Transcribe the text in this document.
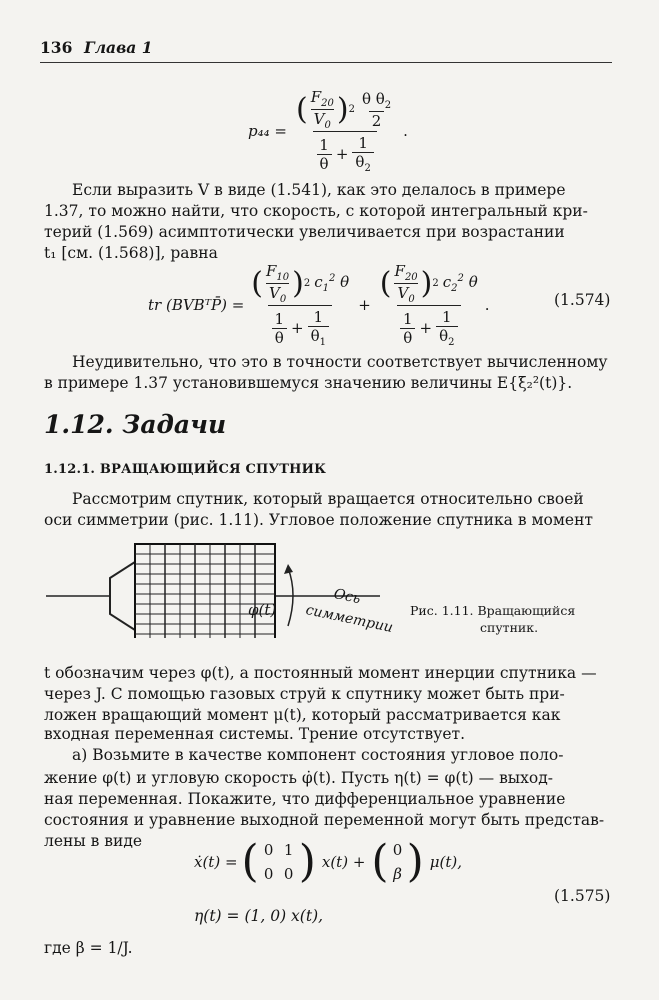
136 Глава 1
$p_{44} = \frac{( \frac{F_{20}}{V_0} ) 2 \frac{\theta \theta_2}{2}}{\frac{1}{\theta} + \frac{1}{\theta_2}}$ .
Если выразить V в виде (1.541), как это делалось в примере
1.37, то можно найти, что скорость, с которой интегральный кри-
терий (1.569) асимптотически увеличивается при возрастании
t₁ [см. (1.568)], равна
tr (BVBᵀP̄) = $\frac{( \frac{F_{10}}{V_0} ) 2 c_1^2 \theta}{\frac{1}{\theta} + \frac{1}{\theta_1}} + \frac{( \frac{F_{20}}{V_0} ) 2 c_2^2 \theta}{\frac{1}{\theta} + \frac{1}{\theta_2}}$ .	(1.574)
Неудивительно, что это в точности соответствует вычисленному
в примере 1.37 установившемуся значению величины E{ξ₂²(t)}.
1.12. Задачи
1.12.1. ВРАЩАЮЩИЙСЯ СПУТНИК
Рассмотрим спутник, который вращается относительно своей
оси симметрии (рис. 1.11). Угловое положение спутника в момент
φ(t)
Ось
симметрии Рис. 1.11. Вращающийся
спутник.
t обозначим через φ(t), а постоянный момент инерции спутника —
через J. С помощью газовых струй к спутнику может быть при-
ложен вращающий момент μ(t), который рассматривается как
входная переменная системы. Трение отсутствует.
а) Возьмите в качестве компонент состояния угловое поло-
жение φ(t) и угловую скорость φ̇(t). Пусть η(t) = φ(t) — выход-
ная переменная. Покажите, что дифференциальное уравнение
состояния и уравнение выходной переменной могут быть представ-
лены в виде
ẋ(t) = ( 0 1
0 0 ) x(t) + ( 0
β ) μ(t),
η(t) = (1, 0) x(t),
(1.575)
где β = 1/J.
